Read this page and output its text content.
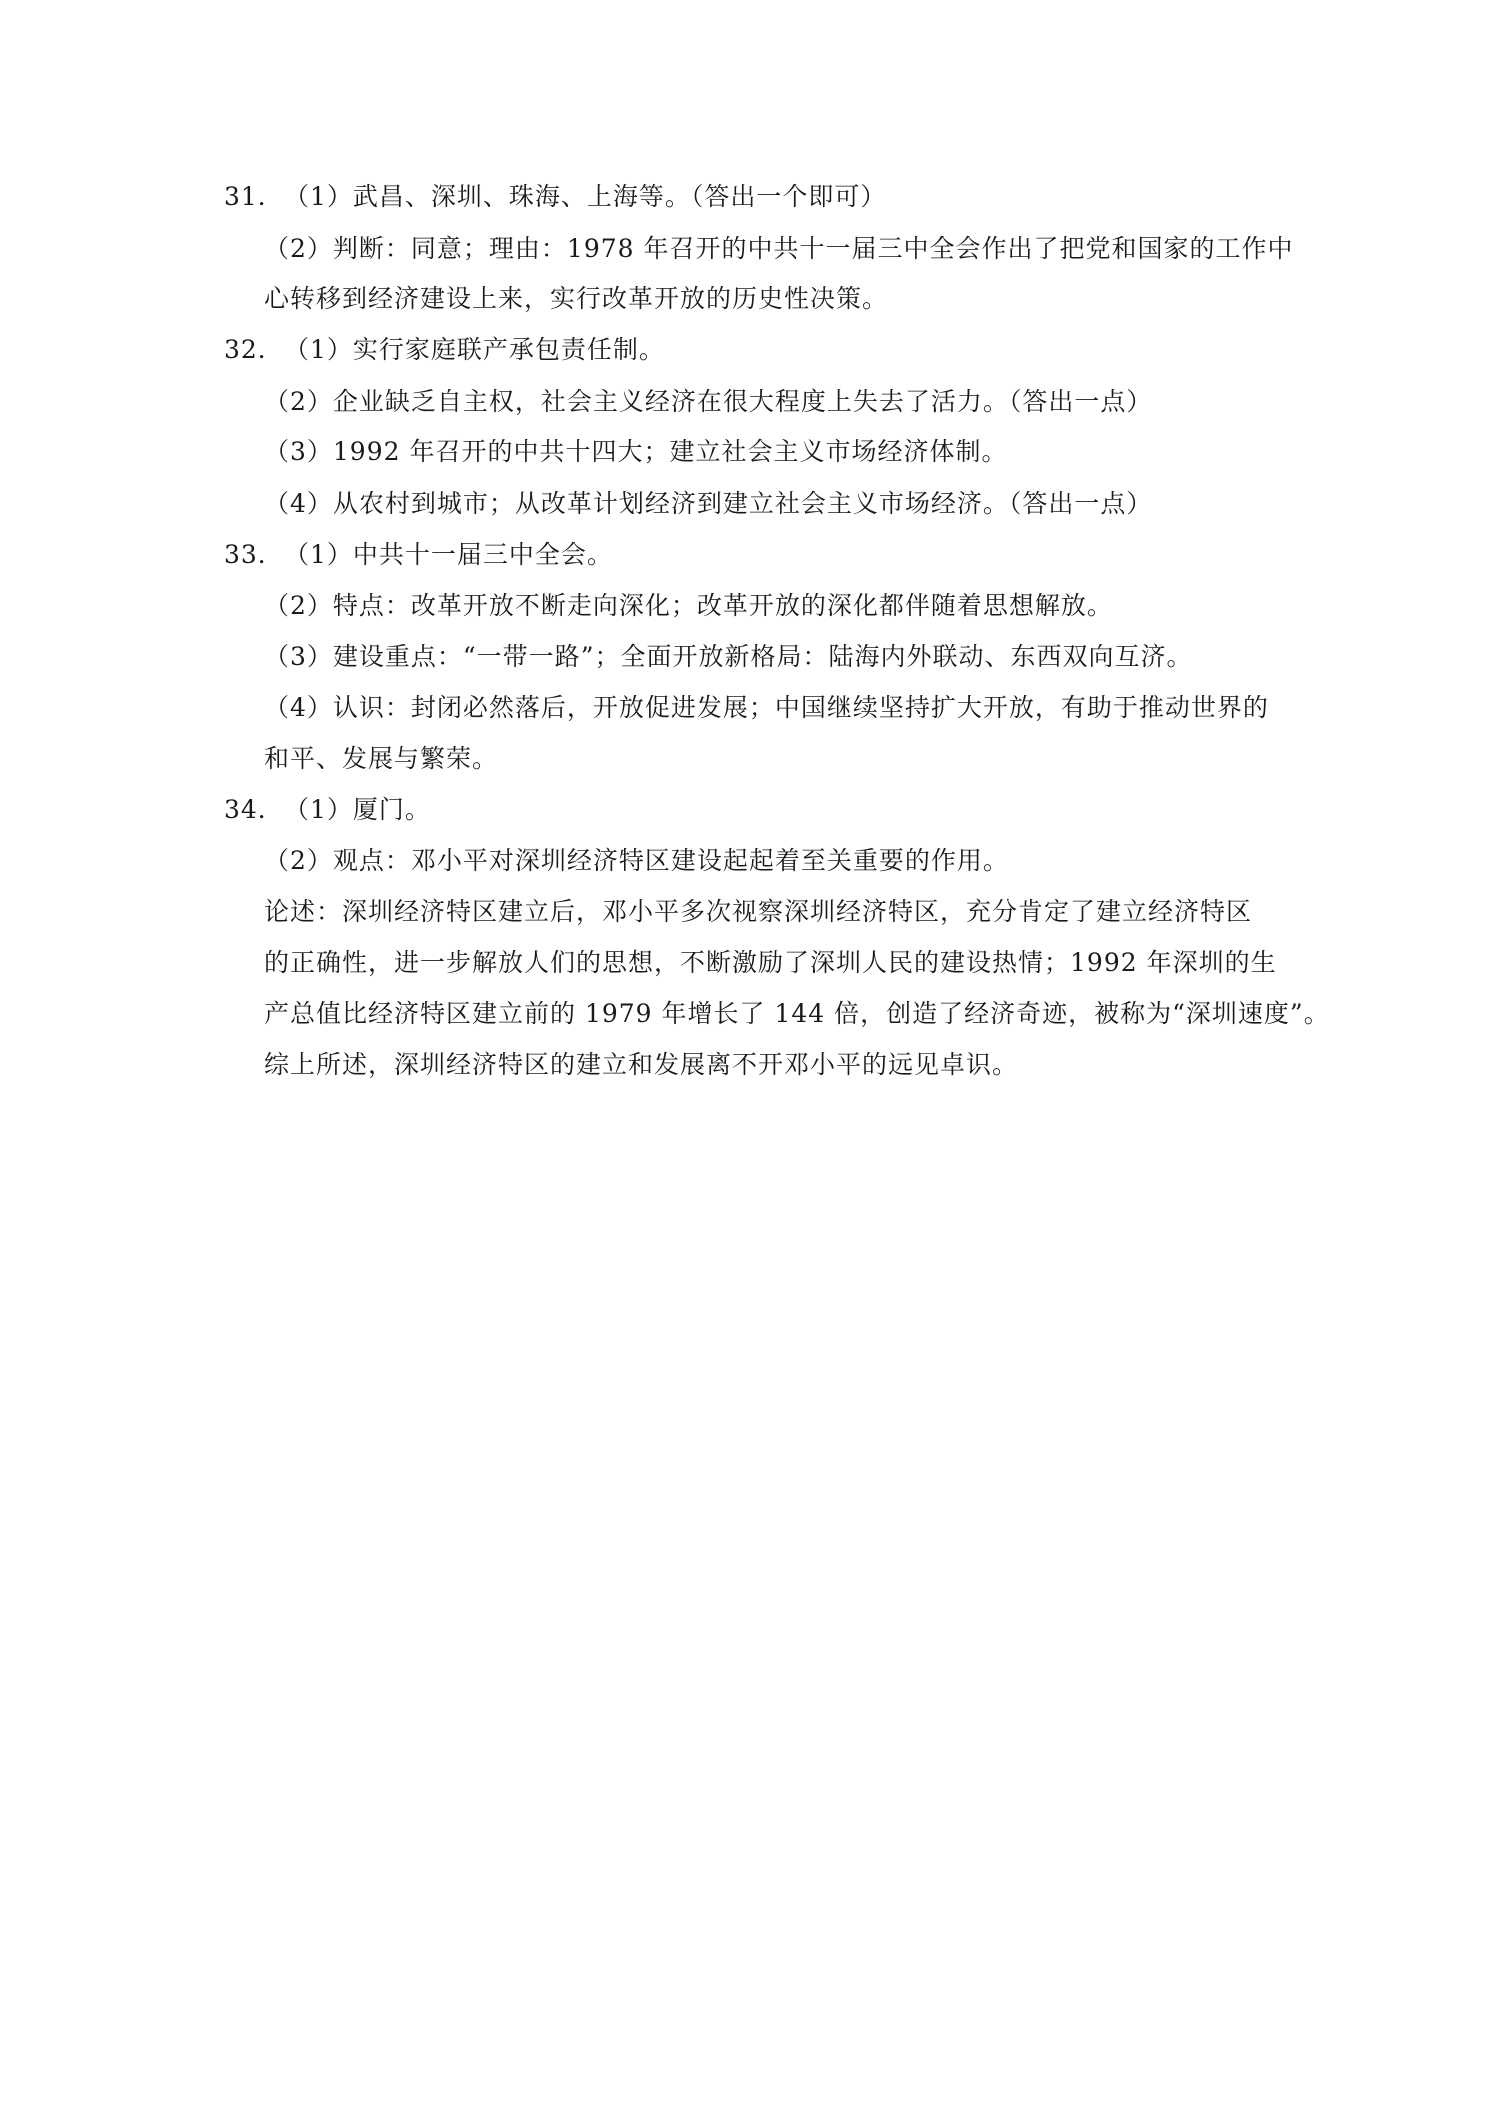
31．（1）武昌、深圳、珠海、上海等。（答出一个即可）
（2）判断：同意；理由：1978 年召开的中共十一届三中全会作出了把党和国家的工作中
心转移到经济建设上来，实行改革开放的历史性决策。
32．（1）实行家庭联产承包责任制。
（2）企业缺乏自主权，社会主义经济在很大程度上失去了活力。（答出一点）
（3）1992 年召开的中共十四大；建立社会主义市场经济体制。
（4）从农村到城市；从改革计划经济到建立社会主义市场经济。（答出一点）
33．（1）中共十一届三中全会。
（2）特点：改革开放不断走向深化；改革开放的深化都伴随着思想解放。
（3）建设重点：“一带一路”；全面开放新格局：陆海内外联动、东西双向互济。
（4）认识：封闭必然落后，开放促进发展；中国继续坚持扩大开放，有助于推动世界的
和平、发展与繁荣。
34．（1）厦门。
（2）观点：邓小平对深圳经济特区建设起起着至关重要的作用。
论述：深圳经济特区建立后，邓小平多次视察深圳经济特区，充分肯定了建立经济特区
的正确性，进一步解放人们的思想，不断激励了深圳人民的建设热情；1992 年深圳的生
产总值比经济特区建立前的 1979 年增长了 144 倍，创造了经济奇迹，被称为“深圳速度”。
综上所述，深圳经济特区的建立和发展离不开邓小平的远见卓识。
